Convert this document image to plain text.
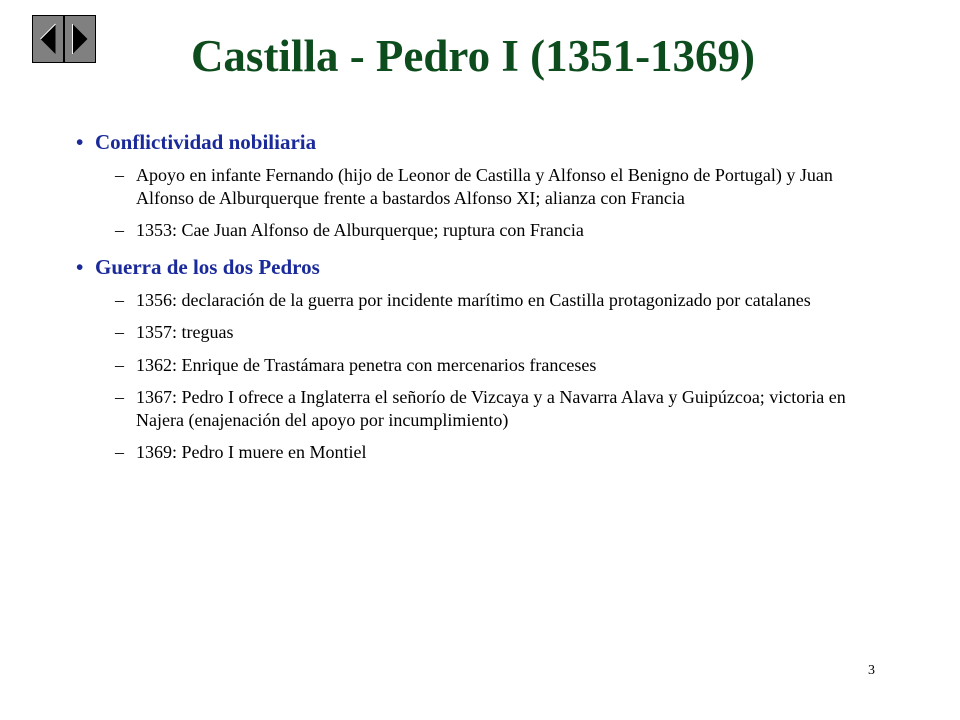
Castilla - Pedro I (1351-1369)
• Conflictividad nobiliaria
– Apoyo en infante Fernando (hijo de Leonor de Castilla y Alfonso el Benigno de Portugal) y Juan Alfonso de Alburquerque frente a bastardos Alfonso XI; alianza con Francia
– 1353: Cae Juan Alfonso de Alburquerque; ruptura con Francia
• Guerra de los dos Pedros
– 1356: declaración de la guerra por incidente marítimo en Castilla protagonizado por catalanes
– 1357: treguas
– 1362: Enrique de Trastámara penetra con mercenarios franceses
– 1367: Pedro I ofrece a Inglaterra el señorío de Vizcaya y a Navarra Alava y Guipúzcoa; victoria en Najera (enajenación del apoyo por incumplimiento)
– 1369: Pedro I muere en Montiel
3
